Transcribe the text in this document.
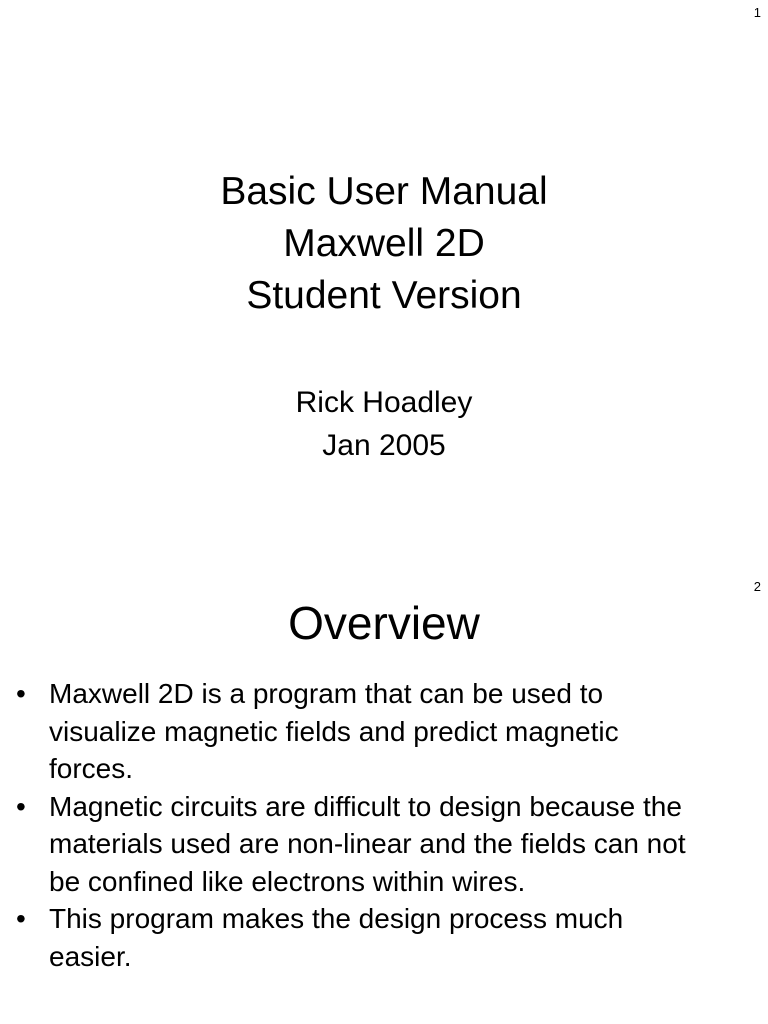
1
Basic User Manual
Maxwell 2D
Student Version
Rick Hoadley
Jan 2005
2
Overview
• Maxwell 2D is a program that can be used to
visualize magnetic fields and predict magnetic
forces.
• Magnetic circuits are difficult to design because the
materials used are non-linear and the fields can not
be confined like electrons within wires.
• This program makes the design process much
easier.
